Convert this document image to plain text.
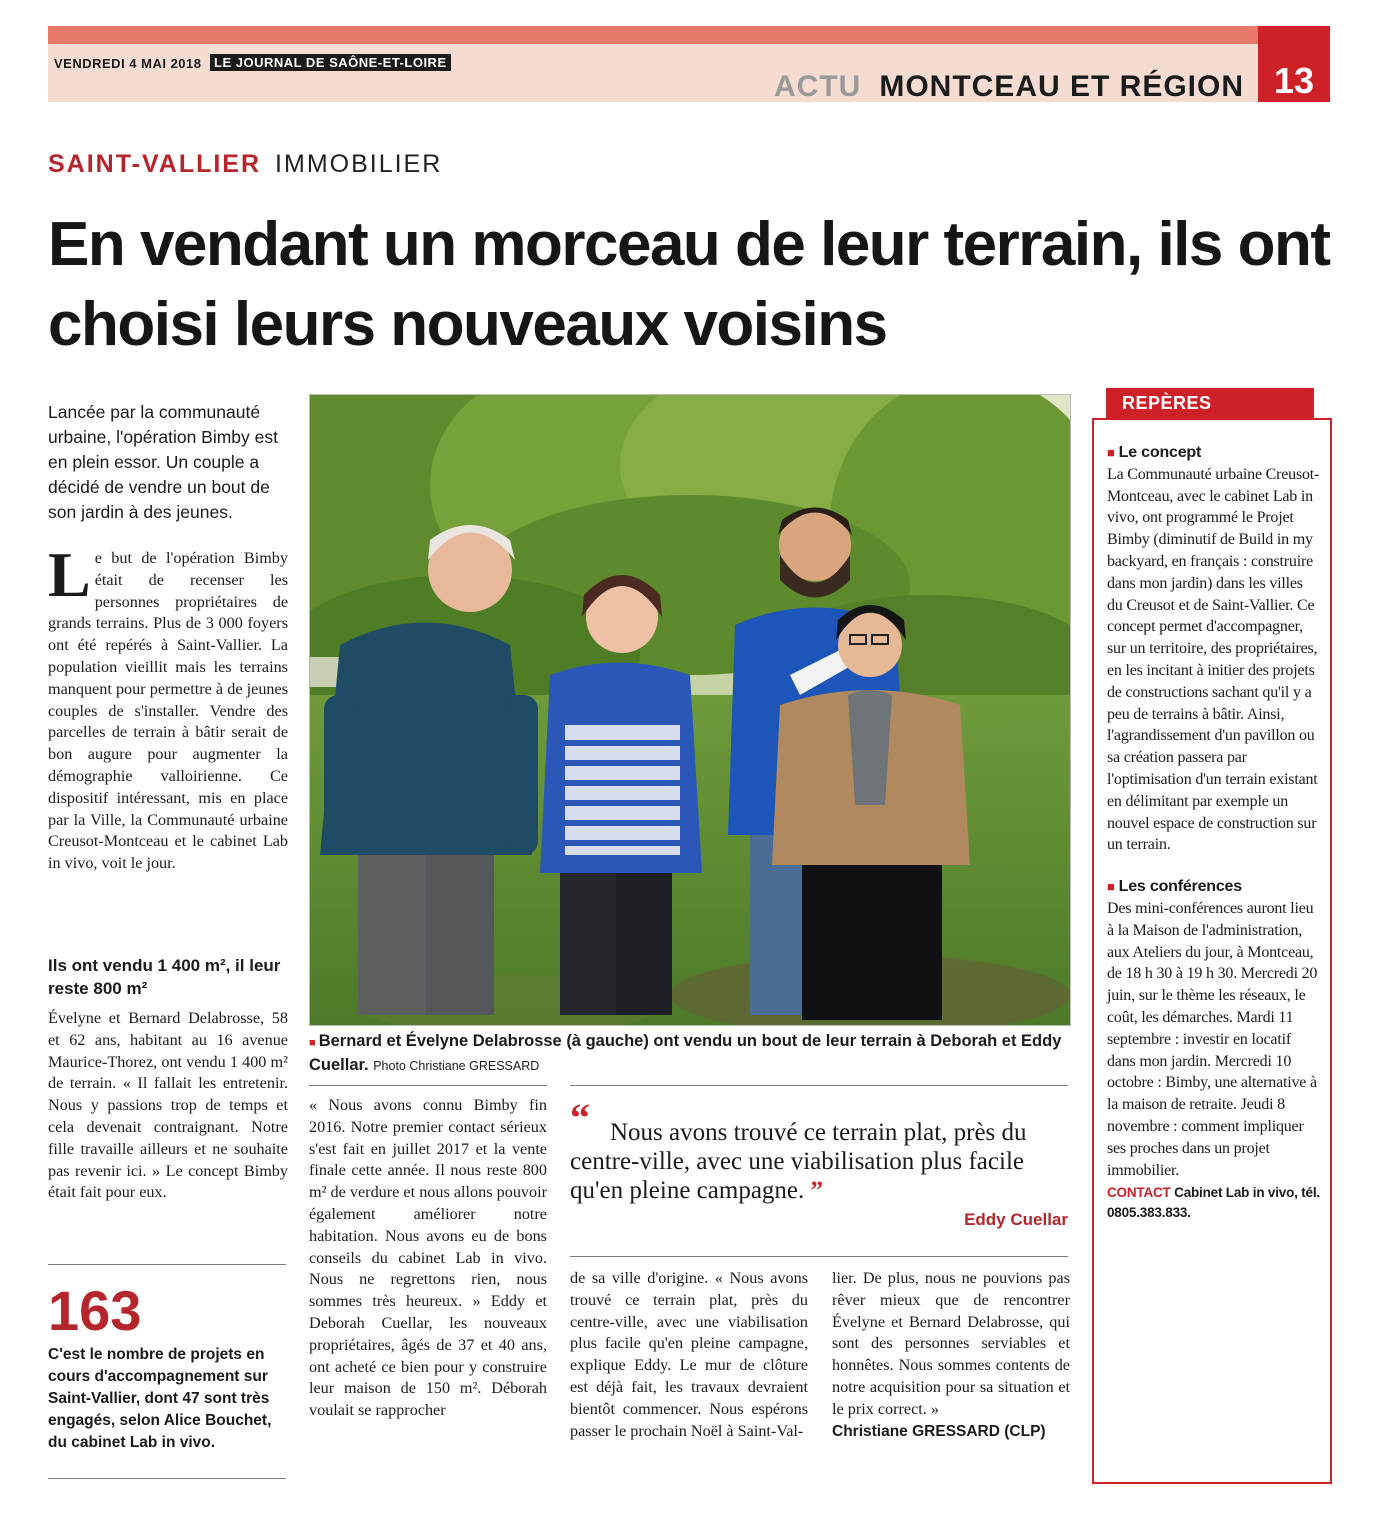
VENDREDI 4 MAI 2018 LE JOURNAL DE SAÔNE-ET-LOIRE
ACTU MONTCEAU ET RÉGION 13
SAINT-VALLIER IMMOBILIER
En vendant un morceau de leur terrain, ils ont choisi leurs nouveaux voisins
Lancée par la communauté urbaine, l'opération Bimby est en plein essor. Un couple a décidé de vendre un bout de son jardin à des jeunes.
Le but de l'opération Bimby était de recenser les personnes propriétaires de grands terrains. Plus de 3 000 foyers ont été repérés à Saint-Vallier. La population vieillit mais les terrains manquent pour permettre à de jeunes couples de s'installer. Vendre des parcelles de terrain à bâtir serait de bon augure pour augmenter la démographie valloirienne. Ce dispositif intéressant, mis en place par la Ville, la Communauté urbaine Creusot-Montceau et le cabinet Lab in vivo, voit le jour.
Ils ont vendu 1 400 m², il leur reste 800 m²
Évelyne et Bernard Delabrosse, 58 et 62 ans, habitant au 16 avenue Maurice-Thorez, ont vendu 1 400 m² de terrain. « Il fallait les entretenir. Nous y passions trop de temps et cela devenait contraignant. Notre fille travaille ailleurs et ne souhaite pas revenir ici. » Le concept Bimby était fait pour eux.
163
C'est le nombre de projets en cours d'accompagnement sur Saint-Vallier, dont 47 sont très engagés, selon Alice Bouchet, du cabinet Lab in vivo.
■ Bernard et Évelyne Delabrosse (à gauche) ont vendu un bout de leur terrain à Deborah et Eddy Cuellar. Photo Christiane GRESSARD
« Nous avons connu Bimby fin 2016. Notre premier contact sérieux s'est fait en juillet 2017 et la vente finale cette année. Il nous reste 800 m² de verdure et nous allons pouvoir également améliorer notre habitation. Nous avons eu de bons conseils du cabinet Lab in vivo. Nous ne regrettons rien, nous sommes très heureux. » Eddy et Deborah Cuellar, les nouveaux propriétaires, âgés de 37 et 40 ans, ont acheté ce bien pour y construire leur maison de 150 m². Déborah voulait se rapprocher
“ Nous avons trouvé ce terrain plat, près du centre-ville, avec une viabilisation plus facile qu'en pleine campagne. ”
Eddy Cuellar
de sa ville d'origine. « Nous avons trouvé ce terrain plat, près du centre-ville, avec une viabilisation plus facile qu'en pleine campagne, explique Eddy. Le mur de clôture est déjà fait, les travaux devraient bientôt commencer. Nous espérons passer le prochain Noël à Saint-Val-
lier. De plus, nous ne pouvions pas rêver mieux que de rencontrer Évelyne et Bernard Delabrosse, qui sont des personnes serviables et honnêtes. Nous sommes contents de notre acquisition pour sa situation et le prix correct. »
Christiane GRESSARD (CLP)
REPÈRES
■ Le concept

La Communauté urbaine Creusot-Montceau, avec le cabinet Lab in vivo, ont programmé le Projet Bimby (diminutif de Build in my backyard, en français : construire dans mon jardin) dans les villes du Creusot et de Saint-Vallier. Ce concept permet d'accompagner, sur un territoire, des propriétaires, en les incitant à initier des projets de constructions sachant qu'il y a peu de terrains à bâtir. Ainsi, l'agrandissement d'un pavillon ou sa création passera par l'optimisation d'un terrain existant en délimitant par exemple un nouvel espace de construction sur un terrain.

■ Les conférences

Des mini-conférences auront lieu à la Maison de l'administration, aux Ateliers du jour, à Montceau, de 18 h 30 à 19 h 30. Mercredi 20 juin, sur le thème les réseaux, le coût, les démarches. Mardi 11 septembre : investir en locatif dans mon jardin. Mercredi 10 octobre : Bimby, une alternative à la maison de retraite. Jeudi 8 novembre : comment impliquer ses proches dans un projet immobilier.

CONTACT Cabinet Lab in vivo, tél. 0805.383.833.
